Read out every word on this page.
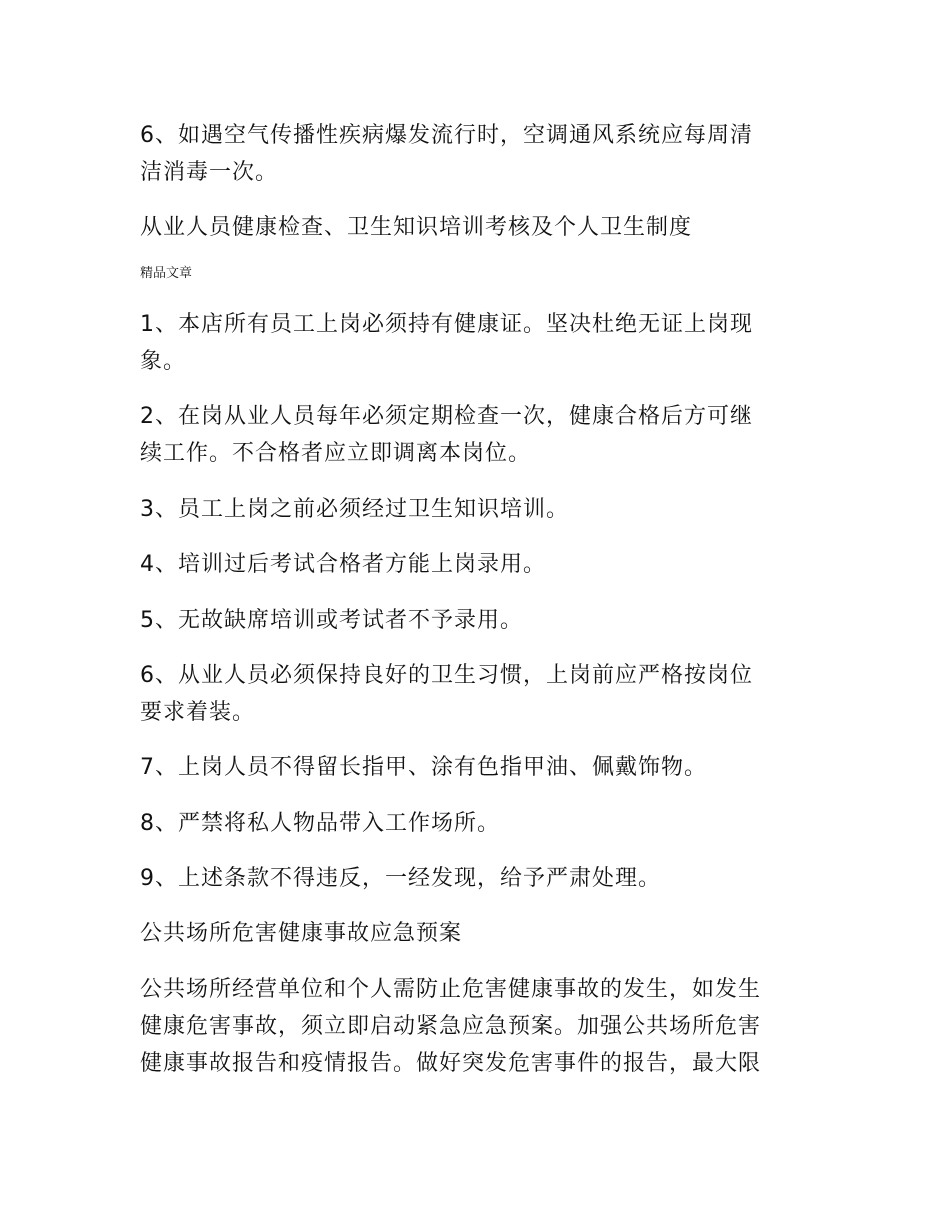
6、如遇空气传播性疾病爆发流行时，空调通风系统应每周清

洁消毒一次。

从业人员健康检查、卫生知识培训考核及个人卫生制度

精品文章

1、本店所有员工上岗必须持有健康证。坚决杜绝无证上岗现

象。

2、在岗从业人员每年必须定期检查一次，健康合格后方可继

续工作。不合格者应立即调离本岗位。

3、员工上岗之前必须经过卫生知识培训。

4、培训过后考试合格者方能上岗录用。

5、无故缺席培训或考试者不予录用。

6、从业人员必须保持良好的卫生习惯，上岗前应严格按岗位

要求着装。

7、上岗人员不得留长指甲、涂有色指甲油、佩戴饰物。

8、严禁将私人物品带入工作场所。

9、上述条款不得违反，一经发现，给予严肃处理。

公共场所危害健康事故应急预案

公共场所经营单位和个人需防止危害健康事故的发生，如发生

健康危害事故，须立即启动紧急应急预案。加强公共场所危害

健康事故报告和疫情报告。做好突发危害事件的报告，最大限
